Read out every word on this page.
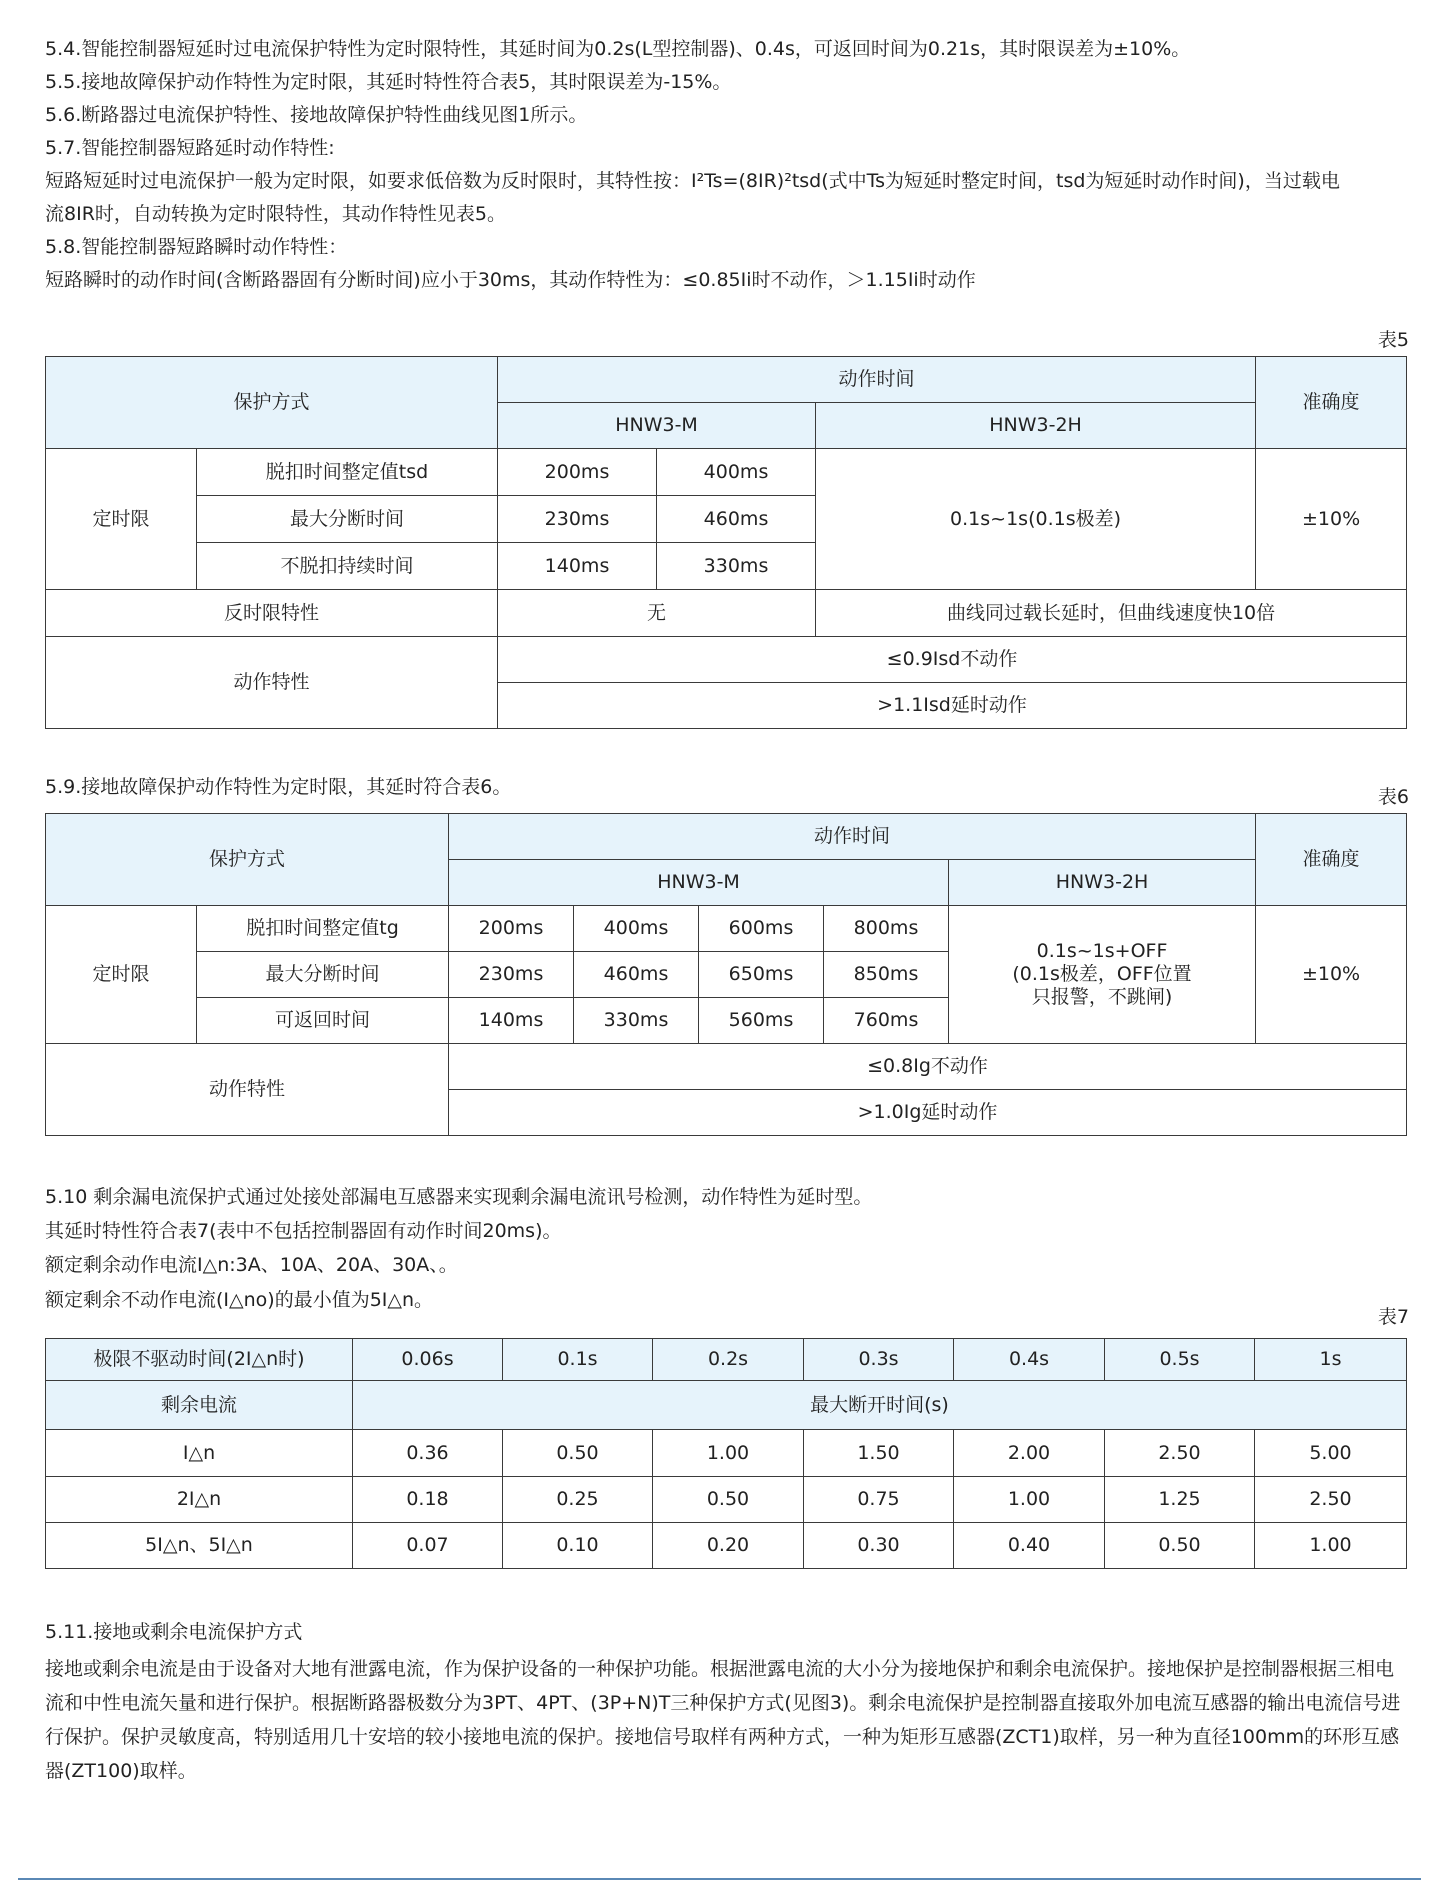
5.4.智能控制器短延时过电流保护特性为定时限特性，其延时间为0.2s(L型控制器)、0.4s，可返回时间为0.21s，其时限误差为±10%。
5.5.接地故障保护动作特性为定时限，其延时特性符合表5，其时限误差为-15%。
5.6.断路器过电流保护特性、接地故障保护特性曲线见图1所示。
5.7.智能控制器短路延时动作特性:
短路短延时过电流保护一般为定时限，如要求低倍数为反时限时，其特性按：I²Ts=(8IR)²tsd(式中Ts为短延时整定时间，tsd为短延时动作时间)，当过载电
流8IR时，自动转换为定时限特性，其动作特性见表5。
5.8.智能控制器短路瞬时动作特性：
短路瞬时的动作时间(含断路器固有分断时间)应小于30ms，其动作特性为：≤0.85Ii时不动作，＞1.15Ii时动作
表5
保护方式		动作时间			准确度
		HNW3-M		HNW3-2H	
定时限	脱扣时间整定值tsd	200ms	400ms	0.1s~1s(0.1s极差)	±10%
	最大分断时间	230ms	460ms		
	不脱扣持续时间	140ms	330ms		
反时限特性		无		曲线同过载长延时，但曲线速度快10倍	
动作特性		≤0.9Isd不动作			
		>1.1Isd延时动作			
5.9.接地故障保护动作特性为定时限，其延时符合表6。	表6
保护方式		动作时间					准确度
		HNW3-M				HNW3-2H	
定时限	脱扣时间整定值tg	200ms	400ms	600ms	800ms	0.1s~1s+OFF
(0.1s极差，OFF位置
只报警，不跳闸)	±10%
	最大分断时间	230ms	460ms	650ms	850ms		
	可返回时间	140ms	330ms	560ms	760ms		
动作特性		≤0.8Ig不动作					
		>1.0Ig延时动作					
5.10 剩余漏电流保护式通过处接处部漏电互感器来实现剩余漏电流讯号检测，动作特性为延时型。
其延时特性符合表7(表中不包括控制器固有动作时间20ms)。
额定剩余动作电流I△n:3A、10A、20A、30A、。
额定剩余不动作电流(I△no)的最小值为5I△n。
表7
极限不驱动时间(2I△n时)	0.06s	0.1s	0.2s	0.3s	0.4s	0.5s	1s
剩余电流	最大断开时间(s)						
I△n	0.36	0.50	1.00	1.50	2.00	2.50	5.00
2I△n	0.18	0.25	0.50	0.75	1.00	1.25	2.50
5I△n、5I△n	0.07	0.10	0.20	0.30	0.40	0.50	1.00
5.11.接地或剩余电流保护方式
接地或剩余电流是由于设备对大地有泄露电流，作为保护设备的一种保护功能。根据泄露电流的大小分为接地保护和剩余电流保护。接地保护是控制器根据三相电流和中性电流矢量和进行保护。根据断路器极数分为3PT、4PT、(3P+N)T三种保护方式(见图3)。剩余电流保护是控制器直接取外加电流互感器的输出电流信号进行保护。保护灵敏度高，特别适用几十安培的较小接地电流的保护。接地信号取样有两种方式，一种为矩形互感器(ZCT1)取样，另一种为直径100mm的环形互感器(ZT100)取样。
